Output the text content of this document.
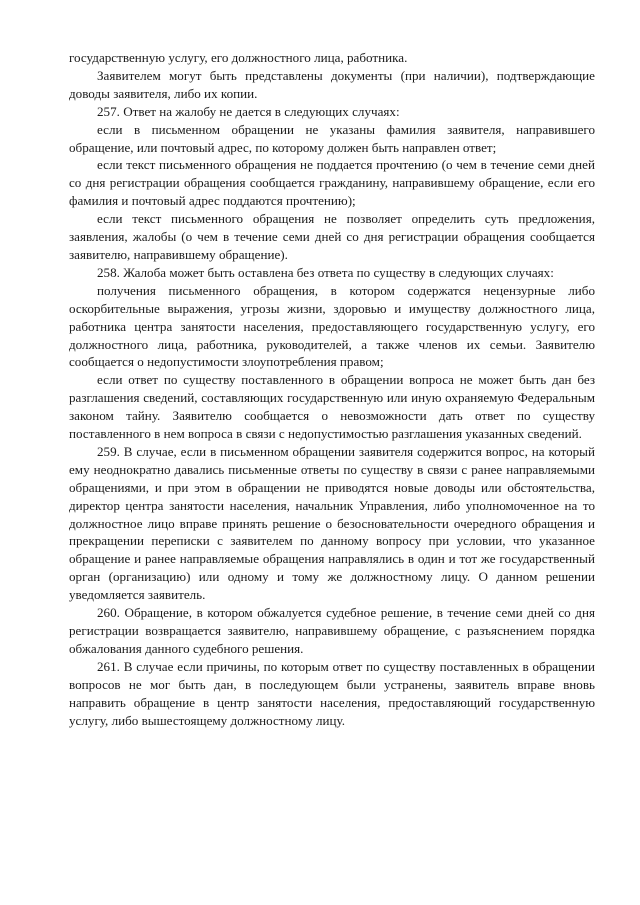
государственную услугу, его должностного лица, работника.

Заявителем могут быть представлены документы (при наличии), подтверждающие доводы заявителя, либо их копии.

257. Ответ на жалобу не дается в следующих случаях:

если в письменном обращении не указаны фамилия заявителя, направившего обращение, или почтовый адрес, по которому должен быть направлен ответ;

если текст письменного обращения не поддается прочтению (о чем в течение семи дней со дня регистрации обращения сообщается гражданину, направившему обращение, если его фамилия и почтовый адрес поддаются прочтению);

если текст письменного обращения не позволяет определить суть предложения, заявления, жалобы (о чем в течение семи дней со дня регистрации обращения сообщается заявителю, направившему обращение).

258. Жалоба может быть оставлена без ответа по существу в следующих случаях:

получения письменного обращения, в котором содержатся нецензурные либо оскорбительные выражения, угрозы жизни, здоровью и имуществу должностного лица, работника центра занятости населения, предоставляющего государственную услугу, его должностного лица, работника, руководителей, а также членов их семьи. Заявителю сообщается о недопустимости злоупотребления правом;

если ответ по существу поставленного в обращении вопроса не может быть дан без разглашения сведений, составляющих государственную или иную охраняемую Федеральным законом тайну. Заявителю сообщается о невозможности дать ответ по существу поставленного в нем вопроса в связи с недопустимостью разглашения указанных сведений.

259. В случае, если в письменном обращении заявителя содержится вопрос, на который ему неоднократно давались письменные ответы по существу в связи с ранее направляемыми обращениями, и при этом в обращении не приводятся новые доводы или обстоятельства, директор центра занятости населения, начальник Управления, либо уполномоченное на то должностное лицо вправе принять решение о безосновательности очередного обращения и прекращении переписки с заявителем по данному вопросу при условии, что указанное обращение и ранее направляемые обращения направлялись в один и тот же государственный орган (организацию) или одному и тому же должностному лицу. О данном решении уведомляется заявитель.

260. Обращение, в котором обжалуется судебное решение, в течение семи дней со дня регистрации возвращается заявителю, направившему обращение, с разъяснением порядка обжалования данного судебного решения.

261. В случае если причины, по которым ответ по существу поставленных в обращении вопросов не мог быть дан, в последующем были устранены, заявитель вправе вновь направить обращение в центр занятости населения, предоставляющий государственную услугу, либо вышестоящему должностному лицу.
